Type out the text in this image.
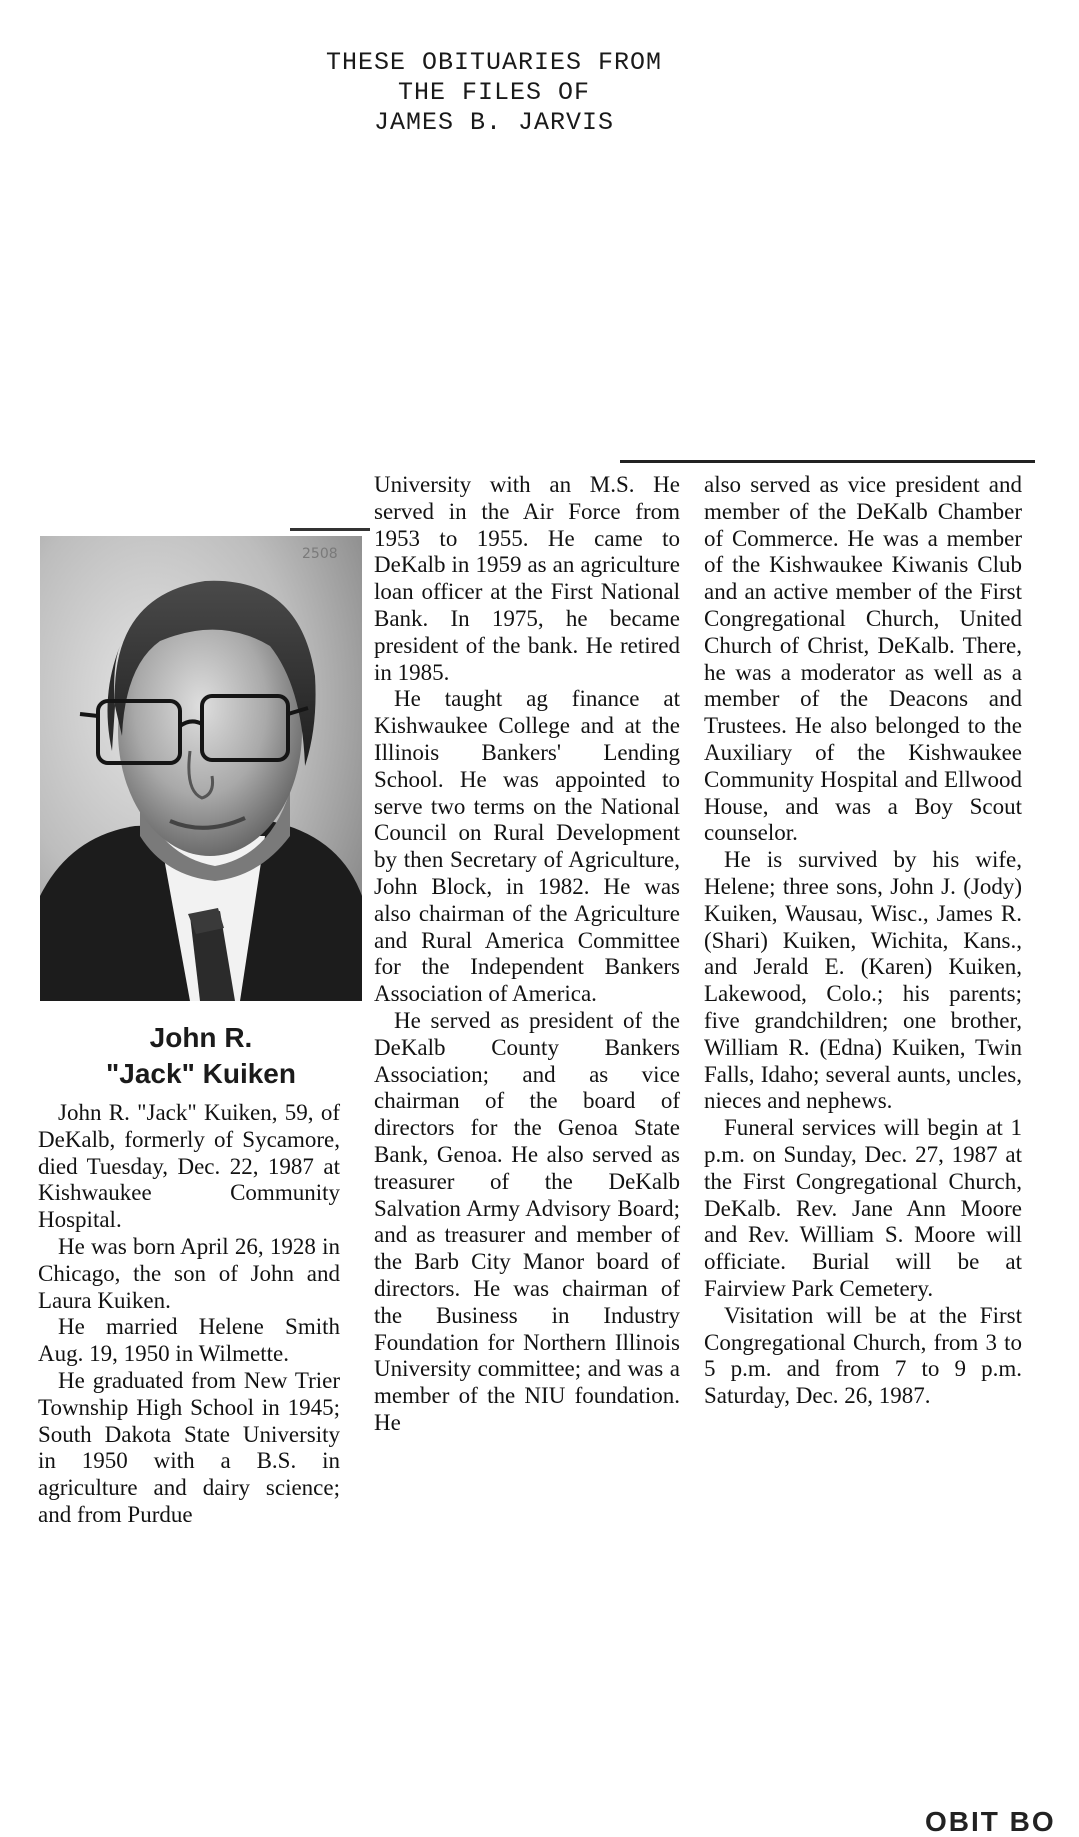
THESE OBITUARIES FROM
THE FILES OF
JAMES B. JARVIS
2508
John R.
"Jack" Kuiken

John R. "Jack" Kuiken, 59, of DeKalb, formerly of Sycamore, died Tuesday, Dec. 22, 1987 at Kishwaukee Community Hospital.

He was born April 26, 1928 in Chicago, the son of John and Laura Kuiken.

He married Helene Smith Aug. 19, 1950 in Wilmette.

He graduated from New Trier Township High School in 1945; South Dakota State University in 1950 with a B.S. in agriculture and dairy science; and from Purdue

University with an M.S. He served in the Air Force from 1953 to 1955. He came to DeKalb in 1959 as an agriculture loan officer at the First National Bank. In 1975, he became president of the bank. He retired in 1985.

He taught ag finance at Kishwaukee College and at the Illinois Bankers' Lending School. He was appointed to serve two terms on the National Council on Rural Development by then Secretary of Agriculture, John Block, in 1982. He was also chairman of the Agriculture and Rural America Committee for the Independent Bankers Association of America.

He served as president of the DeKalb County Bankers Association; and as vice chairman of the board of directors for the Genoa State Bank, Genoa. He also served as treasurer of the DeKalb Salvation Army Advisory Board; and as treasurer and member of the Barb City Manor board of directors. He was chairman of the Business in Industry Foundation for Northern Illinois University committee; and was a member of the NIU foundation. He

also served as vice president and member of the DeKalb Chamber of Commerce. He was a member of the Kishwaukee Kiwanis Club and an active member of the First Congregational Church, United Church of Christ, DeKalb. There, he was a moderator as well as a member of the Deacons and Trustees. He also belonged to the Auxiliary of the Kishwaukee Community Hospital and Ellwood House, and was a Boy Scout counselor.

He is survived by his wife, Helene; three sons, John J. (Jody) Kuiken, Wausau, Wisc., James R. (Shari) Kuiken, Wichita, Kans., and Jerald E. (Karen) Kuiken, Lakewood, Colo.; his parents; five grandchildren; one brother, William R. (Edna) Kuiken, Twin Falls, Idaho; several aunts, uncles, nieces and nephews.

Funeral services will begin at 1 p.m. on Sunday, Dec. 27, 1987 at the First Congregational Church, DeKalb. Rev. Jane Ann Moore and Rev. William S. Moore will officiate. Burial will be at Fairview Park Cemetery.

Visitation will be at the First Congregational Church, from 3 to 5 p.m. and from 7 to 9 p.m. Saturday, Dec. 26, 1987.

OBIT BO
